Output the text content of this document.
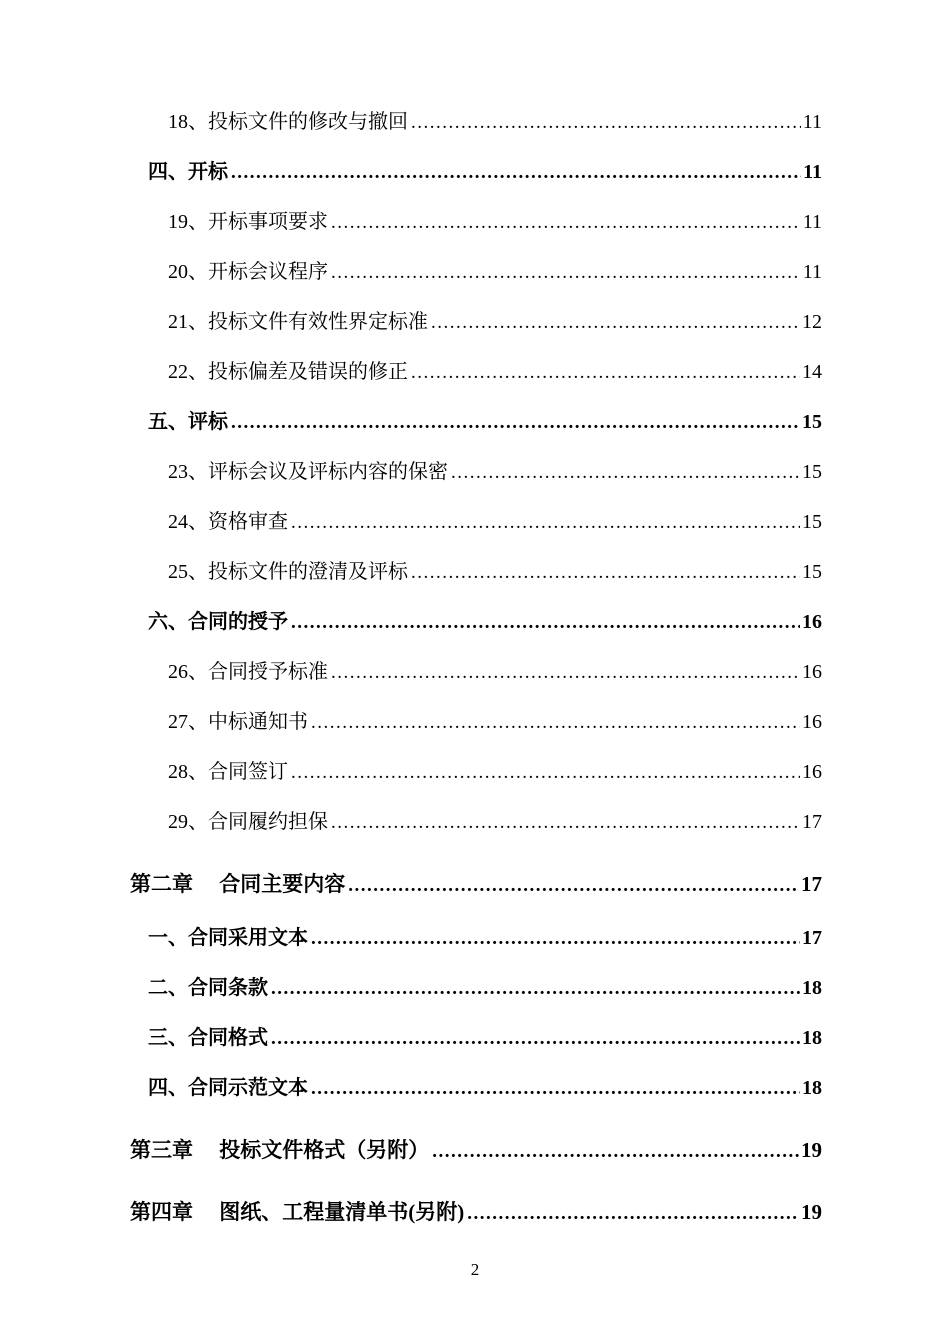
18、投标文件的修改与撤回 .....	11
四、开标 .....	11
19、开标事项要求 .....	11
20、开标会议程序 .....	11
21、投标文件有效性界定标准 .....	12
22、投标偏差及错误的修正 .....	14
五、评标 .....	15
23、评标会议及评标内容的保密 .....	15
24、资格审查 .....	15
25、投标文件的澄清及评标 .....	15
六、合同的授予 .....	16
26、合同授予标准 .....	16
27、中标通知书 .....	16
28、合同签订 .....	16
29、合同履约担保 .....	17
第二章　 合同主要内容 .....	17
一、合同采用文本 .....	17
二、合同条款 .....	18
三、合同格式 .....	18
四、合同示范文本 .....	18
第三章　 投标文件格式（另附） .....	19
第四章　 图纸、工程量清单书(另附) .....	19
2
